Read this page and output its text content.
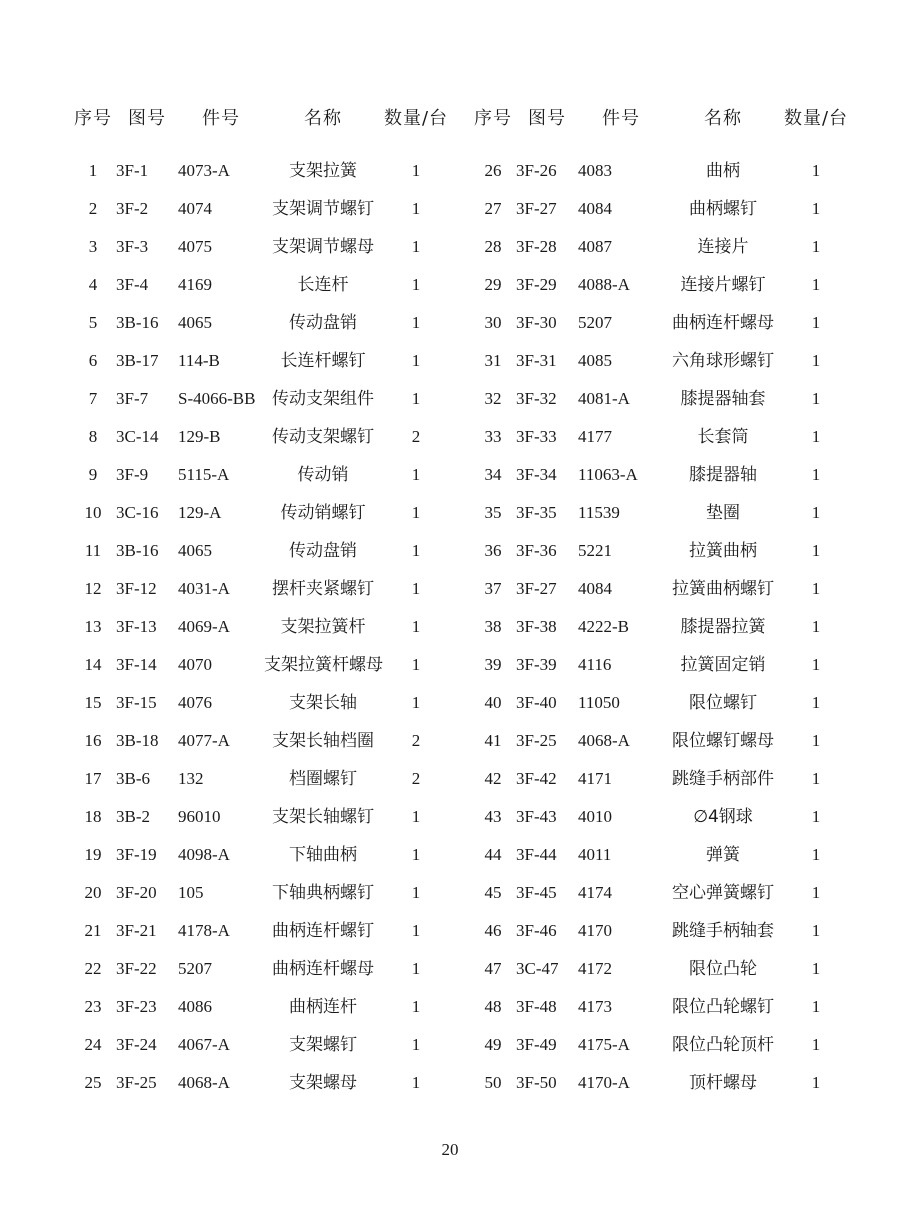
序号	图号	件号	名称	数量/台		序号	图号	件号	名称	数量/台
1	3F-1	4073-A	支架拉簧	1		26	3F-26	4083	曲柄	1
2	3F-2	4074	支架调节螺钉	1		27	3F-27	4084	曲柄螺钉	1
3	3F-3	4075	支架调节螺母	1		28	3F-28	4087	连接片	1
4	3F-4	4169	长连杆	1		29	3F-29	4088-A	连接片螺钉	1
5	3B-16	4065	传动盘销	1		30	3F-30	5207	曲柄连杆螺母	1
6	3B-17	114-B	长连杆螺钉	1		31	3F-31	4085	六角球形螺钉	1
7	3F-7	S-4066-BB	传动支架组件	1		32	3F-32	4081-A	膝提器轴套	1
8	3C-14	129-B	传动支架螺钉	2		33	3F-33	4177	长套筒	1
9	3F-9	5115-A	传动销	1		34	3F-34	11063-A	膝提器轴	1
10	3C-16	129-A	传动销螺钉	1		35	3F-35	11539	垫圈	1
11	3B-16	4065	传动盘销	1		36	3F-36	5221	拉簧曲柄	1
12	3F-12	4031-A	摆杆夹紧螺钉	1		37	3F-27	4084	拉簧曲柄螺钉	1
13	3F-13	4069-A	支架拉簧杆	1		38	3F-38	4222-B	膝提器拉簧	1
14	3F-14	4070	支架拉簧杆螺母	1		39	3F-39	4116	拉簧固定销	1
15	3F-15	4076	支架长轴	1		40	3F-40	11050	限位螺钉	1
16	3B-18	4077-A	支架长轴档圈	2		41	3F-25	4068-A	限位螺钉螺母	1
17	3B-6	132	档圈螺钉	2		42	3F-42	4171	跳缝手柄部件	1
18	3B-2	96010	支架长轴螺钉	1		43	3F-43	4010	∅4钢球	1
19	3F-19	4098-A	下轴曲柄	1		44	3F-44	4011	弹簧	1
20	3F-20	105	下轴典柄螺钉	1		45	3F-45	4174	空心弹簧螺钉	1
21	3F-21	4178-A	曲柄连杆螺钉	1		46	3F-46	4170	跳缝手柄轴套	1
22	3F-22	5207	曲柄连杆螺母	1		47	3C-47	4172	限位凸轮	1
23	3F-23	4086	曲柄连杆	1		48	3F-48	4173	限位凸轮螺钉	1
24	3F-24	4067-A	支架螺钉	1		49	3F-49	4175-A	限位凸轮顶杆	1
25	3F-25	4068-A	支架螺母	1		50	3F-50	4170-A	顶杆螺母	1
20
